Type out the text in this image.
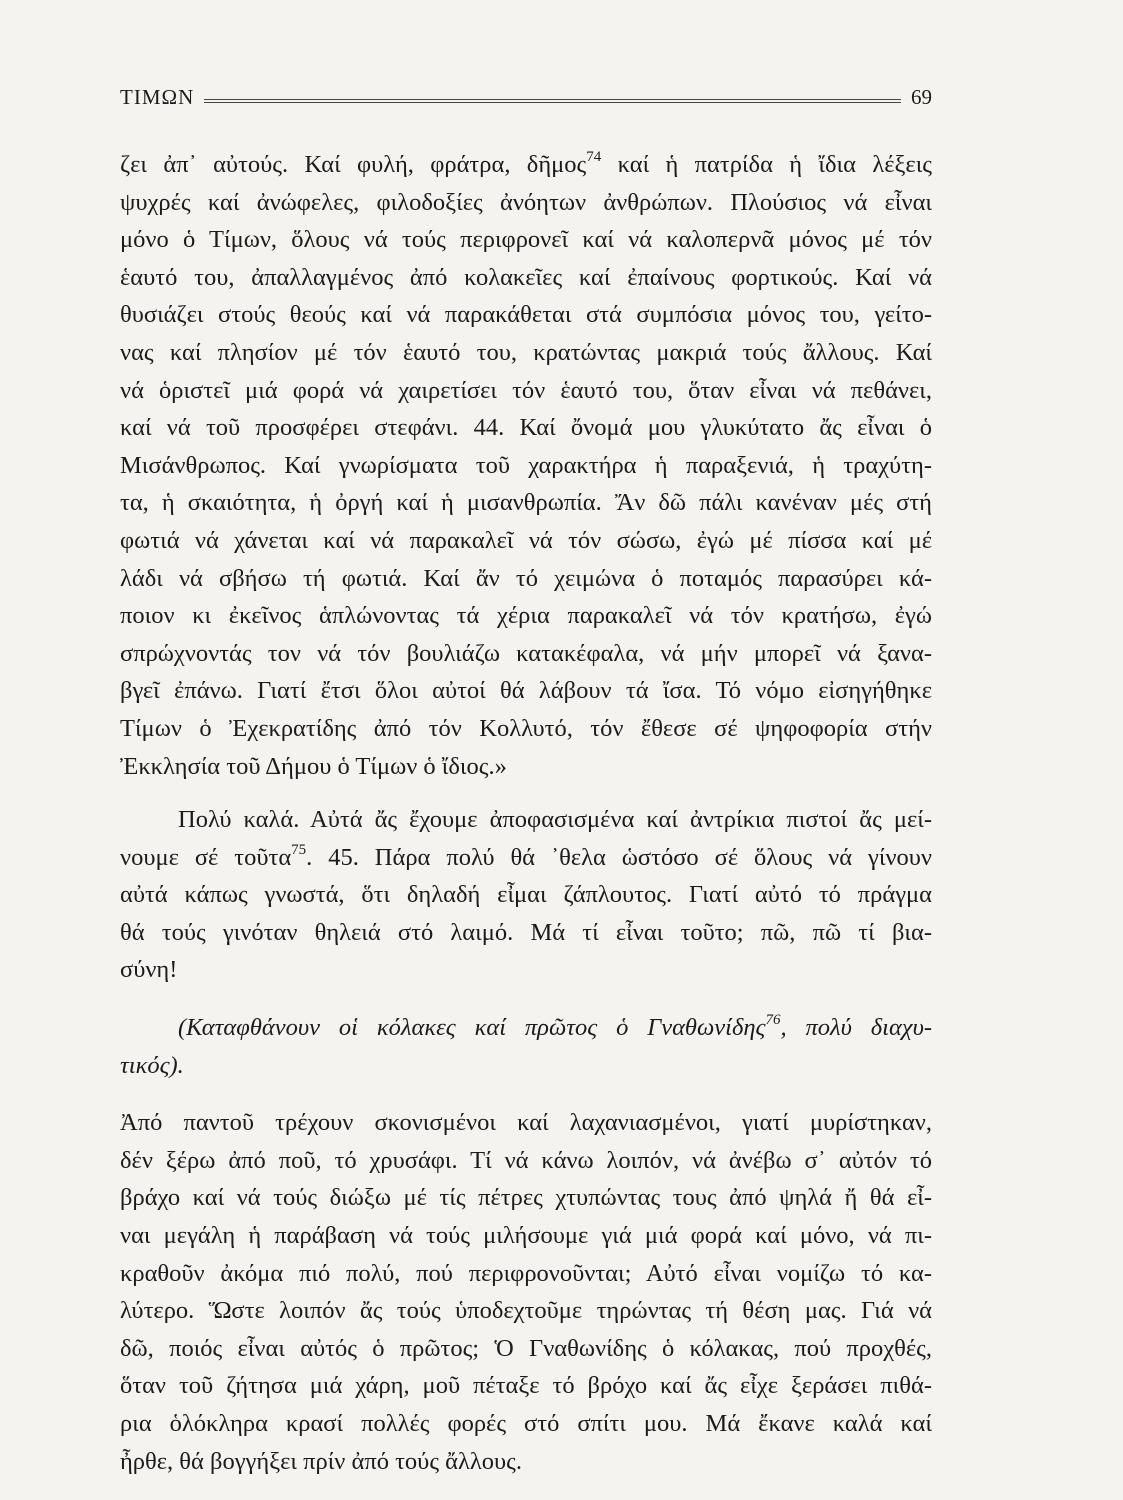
ΤΙΜΩΝ	69
ζει ἀπ᾽ αὐτούς. Καί φυλή, φράτρα, δῆμος$^{74}$ καί ἡ πατρίδα ἡ ἴδια λέξεις
ψυχρές καί ἀνώφελες, φιλοδοξίες ἀνόητων ἀνθρώπων. Πλούσιος νά εἶναι
μόνο ὁ Τίμων, ὅλους νά τούς περιφρονεῖ καί νά καλοπερνᾶ μόνος μέ τόν
ἑαυτό του, ἀπαλλαγμένος ἀπό κολακεῖες καί ἐπαίνους φορτικούς. Καί νά
θυσιάζει στούς θεούς καί νά παρακάθεται στά συμπόσια μόνος του, γείτο-
νας καί πλησίον μέ τόν ἑαυτό του, κρατώντας μακριά τούς ἄλλους. Καί
νά ὁριστεῖ μιά φορά νά χαιρετίσει τόν ἑαυτό του, ὅταν εἶναι νά πεθάνει,
καί νά τοῦ προσφέρει στεφάνι. 44. Καί ὄνομά μου γλυκύτατο ἄς εἶναι ὁ
Μισάνθρωπος. Καί γνωρίσματα τοῦ χαρακτήρα ἡ παραξενιά, ἡ τραχύτη-
τα, ἡ σκαιότητα, ἡ ὀργή καί ἡ μισανθρωπία. Ἄν δῶ πάλι κανέναν μές στή
φωτιά νά χάνεται καί νά παρακαλεῖ νά τόν σώσω, ἐγώ μέ πίσσα καί μέ
λάδι νά σβήσω τή φωτιά. Καί ἄν τό χειμώνα ὁ ποταμός παρασύρει κά-
ποιον κι ἐκεῖνος ἁπλώνοντας τά χέρια παρακαλεῖ νά τόν κρατήσω, ἐγώ
σπρώχνοντάς τον νά τόν βουλιάζω κατακέφαλα, νά μήν μπορεῖ νά ξανα-
βγεῖ ἐπάνω. Γιατί ἔτσι ὅλοι αὐτοί θά λάβουν τά ἴσα. Τό νόμο εἰσηγήθηκε
Τίμων ὁ Ἐχεκρατίδης ἀπό τόν Κολλυτό, τόν ἔθεσε σέ ψηφοφορία στήν
Ἐκκλησία τοῦ Δήμου ὁ Τίμων ὁ ἴδιος.»
Πολύ καλά. Αὐτά ἄς ἔχουμε ἀποφασισμένα καί ἀντρίκια πιστοί ἄς μεί-
νουμε σέ τοῦτα$^{75}$. 45. Πάρα πολύ θά ᾽θελα ὡστόσο σέ ὅλους νά γίνουν
αὐτά κάπως γνωστά, ὅτι δηλαδή εἶμαι ζάπλουτος. Γιατί αὐτό τό πράγμα
θά τούς γινόταν θηλειά στό λαιμό. Μά τί εἶναι τοῦτο; πῶ, πῶ τί βια-
σύνη!
(Καταφθάνουν οἱ κόλακες καί πρῶτος ὁ Γναθωνίδης$^{76}$, πολύ διαχυ-
τικός).
Ἀπό παντοῦ τρέχουν σκονισμένοι καί λαχανιασμένοι, γιατί μυρίστηκαν,
δέν ξέρω ἀπό ποῦ, τό χρυσάφι. Τί νά κάνω λοιπόν, νά ἀνέβω σ᾽ αὐτόν τό
βράχο καί νά τούς διώξω μέ τίς πέτρες χτυπώντας τους ἀπό ψηλά ἤ θά εἶ-
ναι μεγάλη ἡ παράβαση νά τούς μιλήσουμε γιά μιά φορά καί μόνο, νά πι-
κραθοῦν ἀκόμα πιό πολύ, πού περιφρονοῦνται; Αὐτό εἶναι νομίζω τό κα-
λύτερο. Ὥστε λοιπόν ἄς τούς ὑποδεχτοῦμε τηρώντας τή θέση μας. Γιά νά
δῶ, ποιός εἶναι αὐτός ὁ πρῶτος; Ὁ Γναθωνίδης ὁ κόλακας, πού προχθές,
ὅταν τοῦ ζήτησα μιά χάρη, μοῦ πέταξε τό βρόχο καί ἄς εἶχε ξεράσει πιθά-
ρια ὁλόκληρα κρασί πολλές φορές στό σπίτι μου. Μά ἔκανε καλά καί
ἦρθε, θά βογγήξει πρίν ἀπό τούς ἄλλους.
